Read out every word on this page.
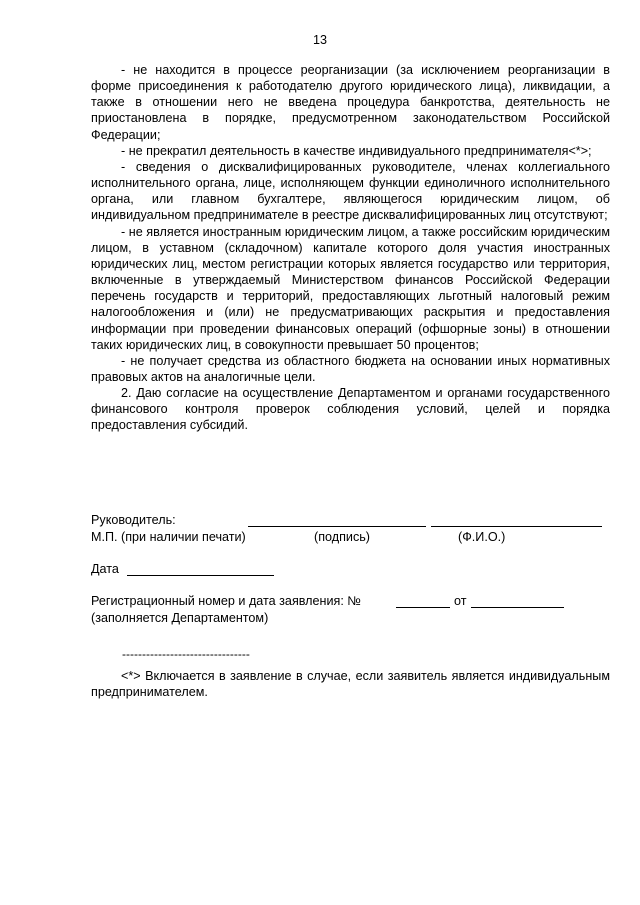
13

- не находится в процессе реорганизации (за исключением реорганизации в форме присоединения к работодателю другого юридического лица), ликвидации, а также в отношении него не введена процедура банкротства, деятельность не приостановлена в порядке, предусмотренном законодательством Российской Федерации;

- не прекратил деятельность в качестве индивидуального предпринимателя<*>;

- сведения о дисквалифицированных руководителе, членах коллегиального исполнительного органа, лице, исполняющем функции единоличного исполнительного органа, или главном бухгалтере, являющегося юридическим лицом, об индивидуальном предпринимателе в реестре дисквалифицированных лиц отсутствуют;

- не является иностранным юридическим лицом, а также российским юридическим лицом, в уставном (складочном) капитале которого доля участия иностранных юридических лиц, местом регистрации которых является государство или территория, включенные в утверждаемый Министерством финансов Российской Федерации перечень государств и территорий, предоставляющих льготный налоговый режим налогообложения и (или) не предусматривающих раскрытия и предоставления информации при проведении финансовых операций (офшорные зоны) в отношении таких юридических лиц, в совокупности превышает 50 процентов;

- не получает средства из областного бюджета на основании иных нормативных правовых актов на аналогичные цели.

2. Даю согласие на осуществление Департаментом и органами государственного финансового контроля проверок соблюдения условий, целей и порядка предоставления субсидий.

Руководитель:
М.П. (при наличии печати)	(подпись)	(Ф.И.О.)
Дата
Регистрационный номер и дата заявления: №	от
(заполняется Департаментом)
--------------------------------

<*> Включается в заявление в случае, если заявитель является индивидуальным предпринимателем.
